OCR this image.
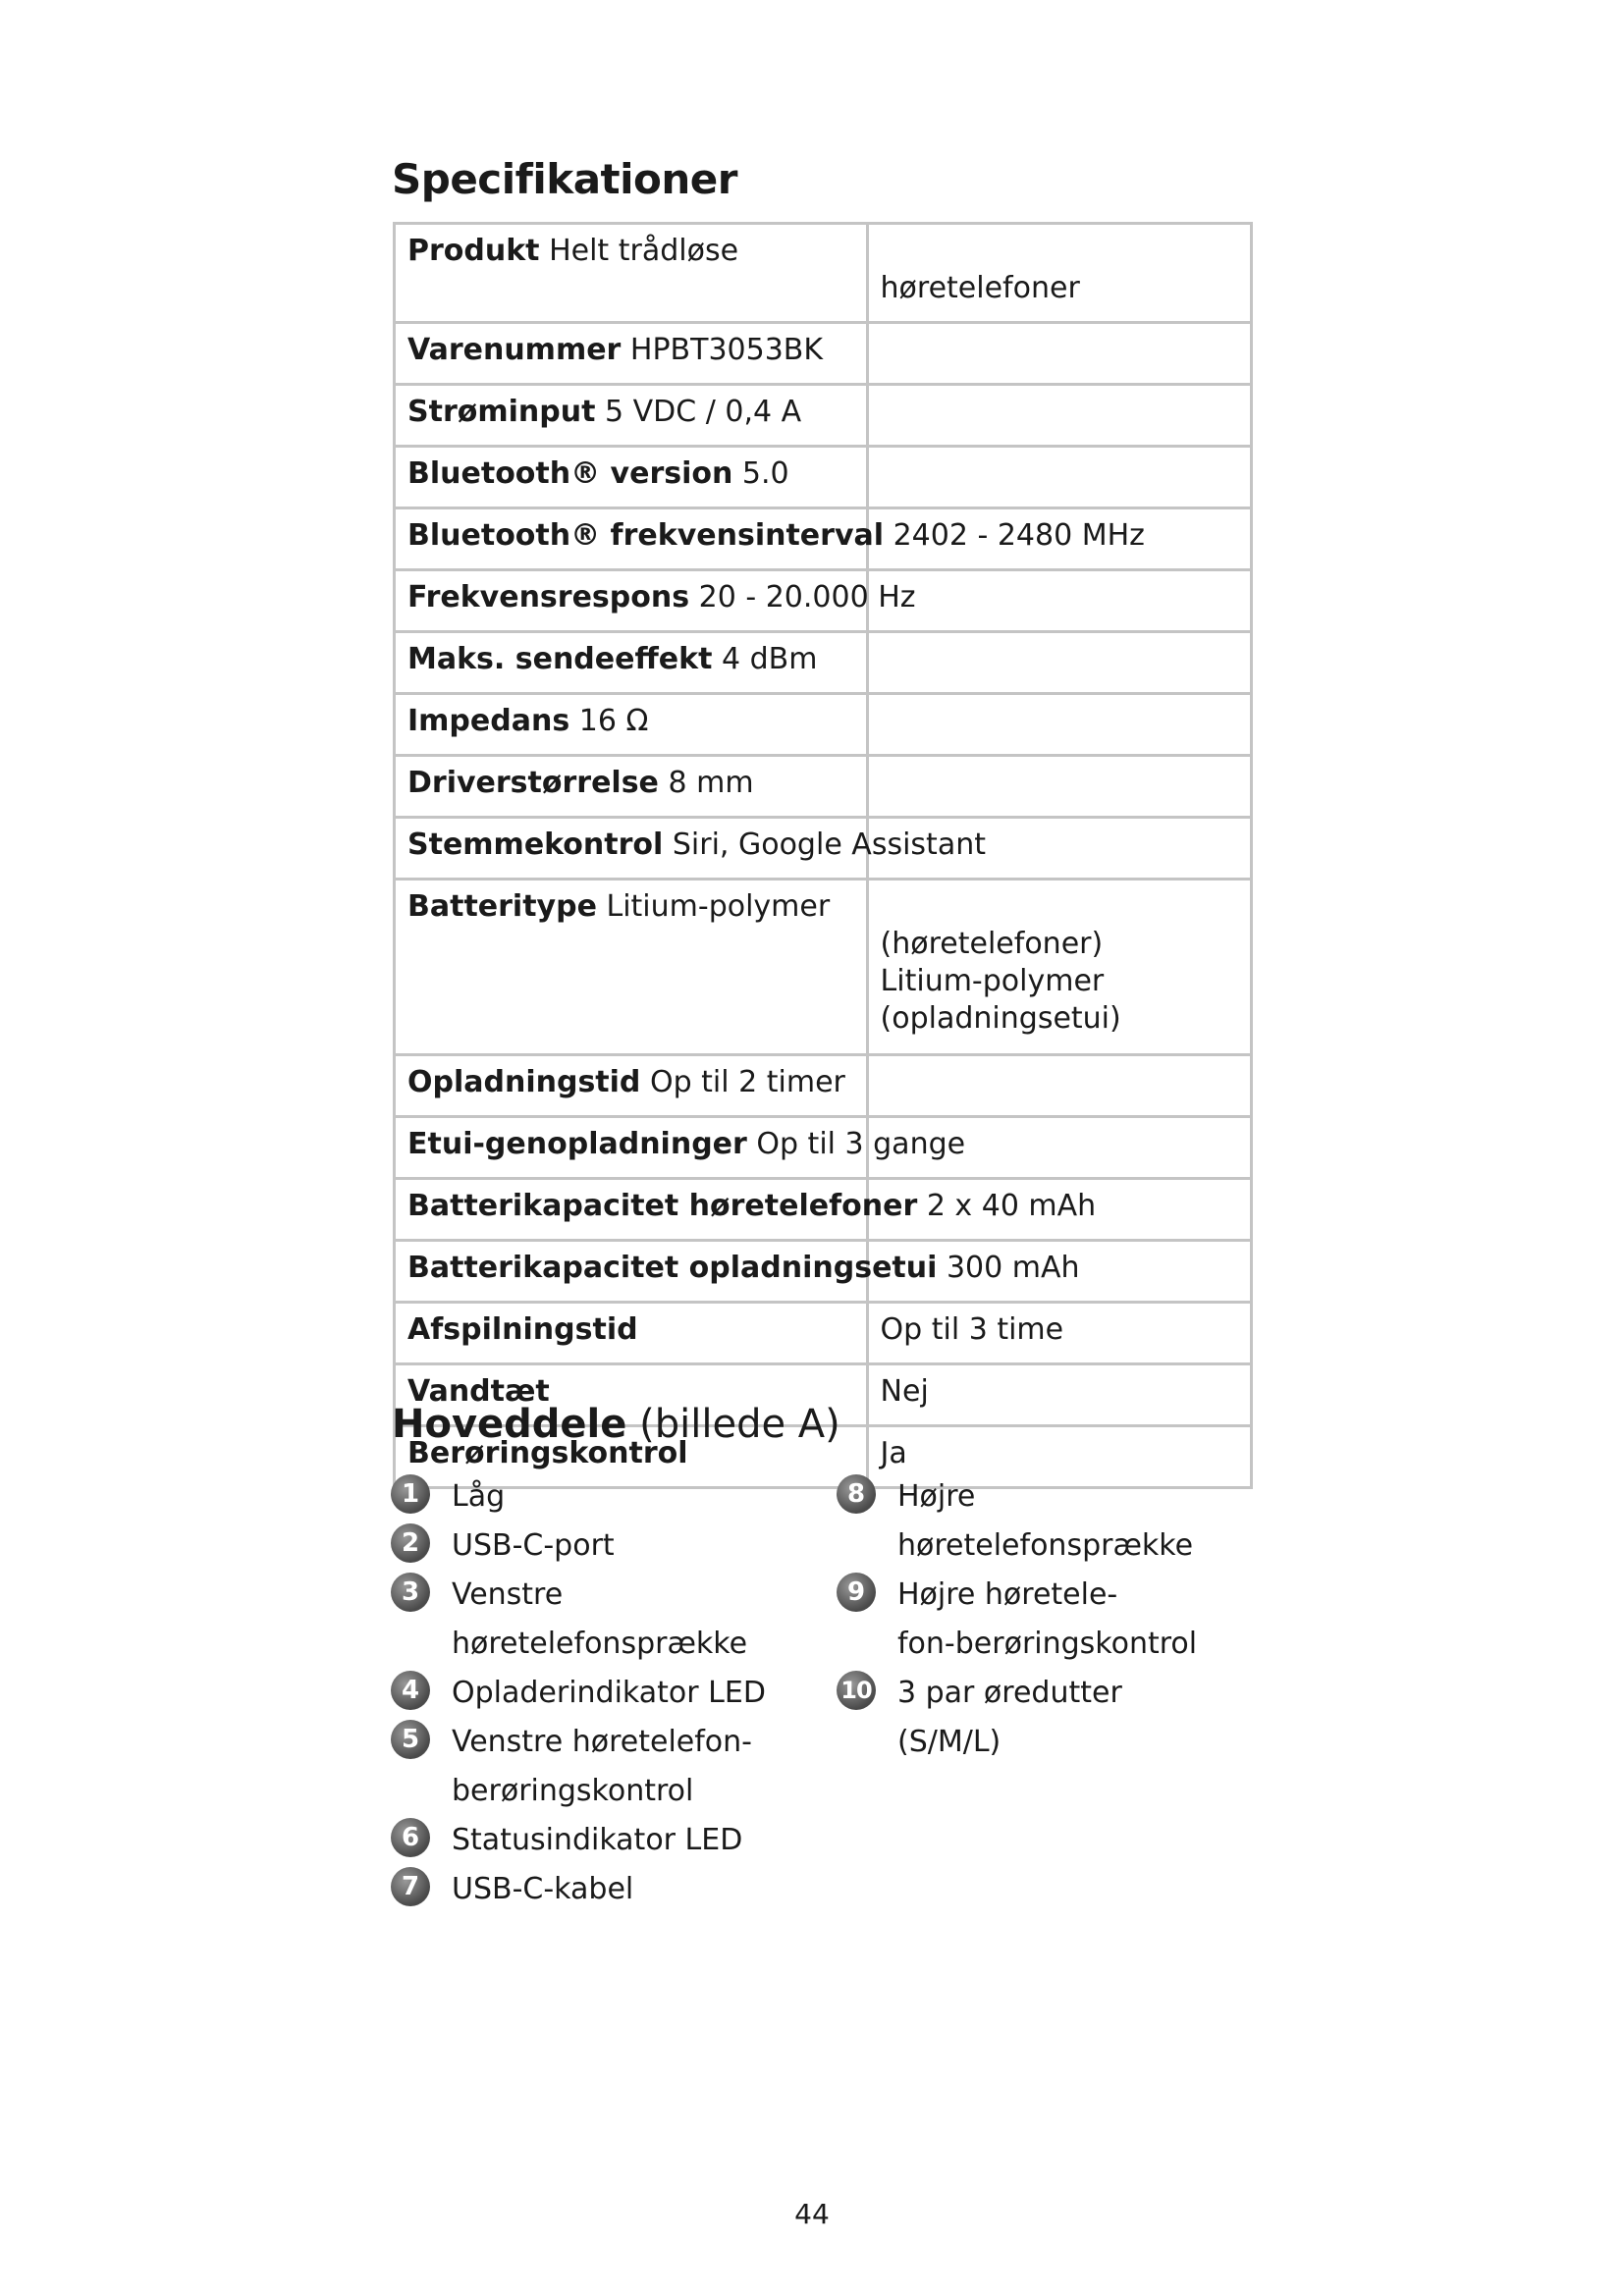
Specifikationer
Produkt Helt trådløse	høretelefoner

Varenummer HPBT3053BK	
Strøminput 5 VDC / 0,4 A	
Bluetooth® version 5.0	
Bluetooth® frekvensinterval 2402 - 2480 MHz	
Frekvensrespons 20 - 20.000 Hz	
Maks. sendeeffekt 4 dBm	
Impedans 16 Ω	
Driverstørrelse 8 mm	
Stemmekontrol Siri, Google Assistant	
Batteritype Litium-polymer	(høretelefoner)
Litium-polymer
(opladningsetui)

Opladningstid Op til 2 timer	
Etui-genopladninger Op til 3 gange	
Batterikapacitet høretelefoner 2 x 40 mAh	
Batterikapacitet opladningsetui 300 mAh	
Afspilningstid	Op til 3 time
Vandtæt	Nej
Berøringskontrol	Ja
Hoveddele (billede A)
1	Låg
2	USB-C-port
3	Venstre
høretelefonsprække
4	Opladerindikator LED
5	Venstre høretelefon-
berøringskontrol
6	Statusindikator LED
7	USB-C-kabel
8	Højre
høretelefonsprække
9	Højre høretele-
fon-berøringskontrol
10 3 par øredutter (S/M/L)
44
